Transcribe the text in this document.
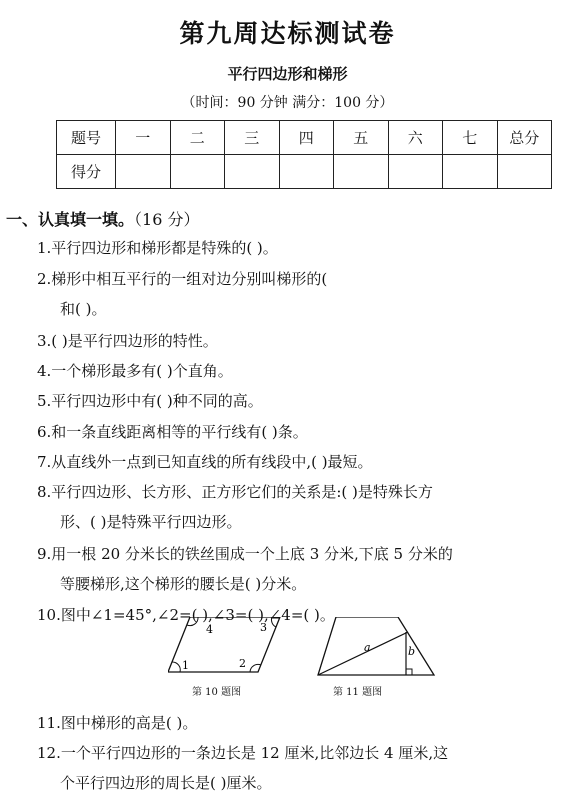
第九周达标测试卷
平行四边形和梯形
（时间：90 分钟 满分：100 分）
题号	一	二	三	四	五	六	七	总分
得分								
一、认真填一填。（16 分）
1.平行四边形和梯形都是特殊的( )。
2.梯形中相互平行的一组对边分别叫梯形的(
和( )。
3.( )是平行四边形的特性。
4.一个梯形最多有( )个直角。
5.平行四边形中有( )种不同的高。
6.和一条直线距离相等的平行线有( )条。
7.从直线外一点到已知直线的所有线段中,( )最短。
8.平行四边形、长方形、正方形它们的关系是:( )是特殊长方
形、( )是特殊平行四边形。
9.用一根 20 分米长的铁丝围成一个上底 3 分米,下底 5 分米的
等腰梯形,这个梯形的腰长是( )分米。
10.图中∠1=45°,∠2=( ),∠3=( ),∠4=( )。
1	2
3
4
a	b
第 10 题图	第 11 题图
11.图中梯形的高是( )。
12.一个平行四边形的一条边长是 12 厘米,比邻边长 4 厘米,这
个平行四边形的周长是( )厘米。
